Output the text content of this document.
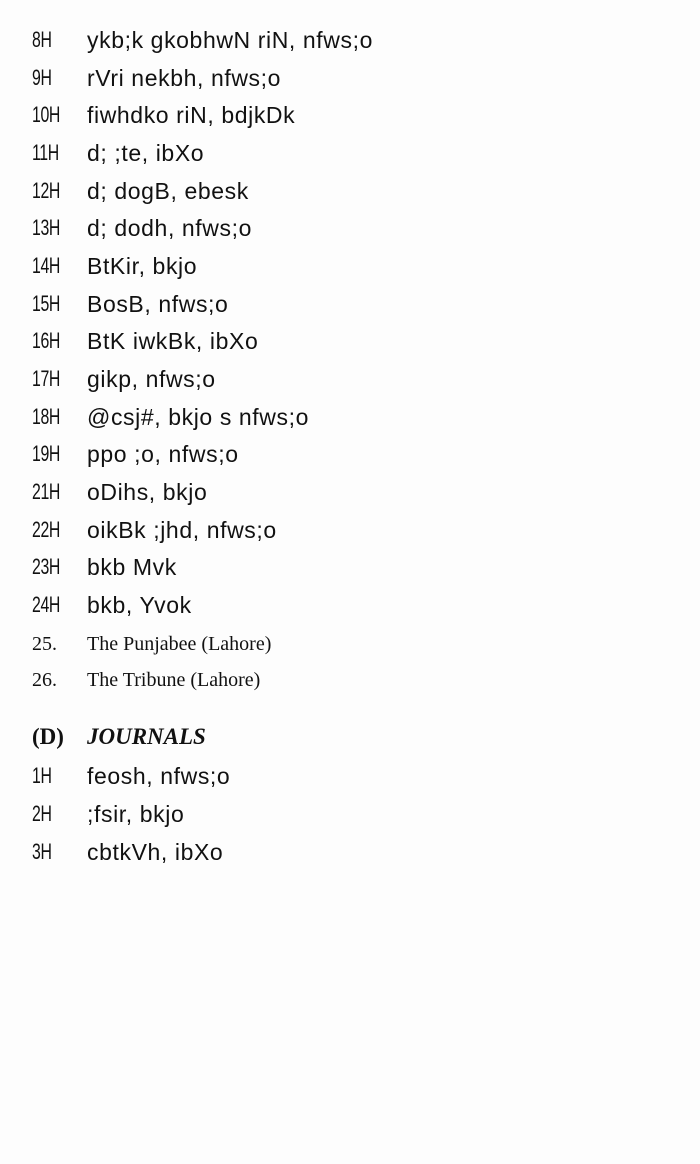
8H ykb;k gkobhwN riN, nfws;o
9H rVri nekbh, nfws;o
10H fiwhdko riN, bdjkDk
11H d; ;te, ibXo
12H d; dogB, ebesk
13H d; dodh, nfws;o
14H BtKir, bkjo
15H BosB, nfws;o
16H BtK iwkBk, ibXo
17H gikp, nfws;o
18H @csj#, bkjo s nfws;o
19H ppo ;o, nfws;o
21H oDihs, bkjo
22H oikBk ;jhd, nfws;o
23H bkb Mvk
24H bkb, Yvok
25. The Punjabee (Lahore)
26. The Tribune (Lahore)
(D) JOURNALS
1H feosh, nfws;o
2H ;fsir, bkjo
3H cbtkVh, ibXo
